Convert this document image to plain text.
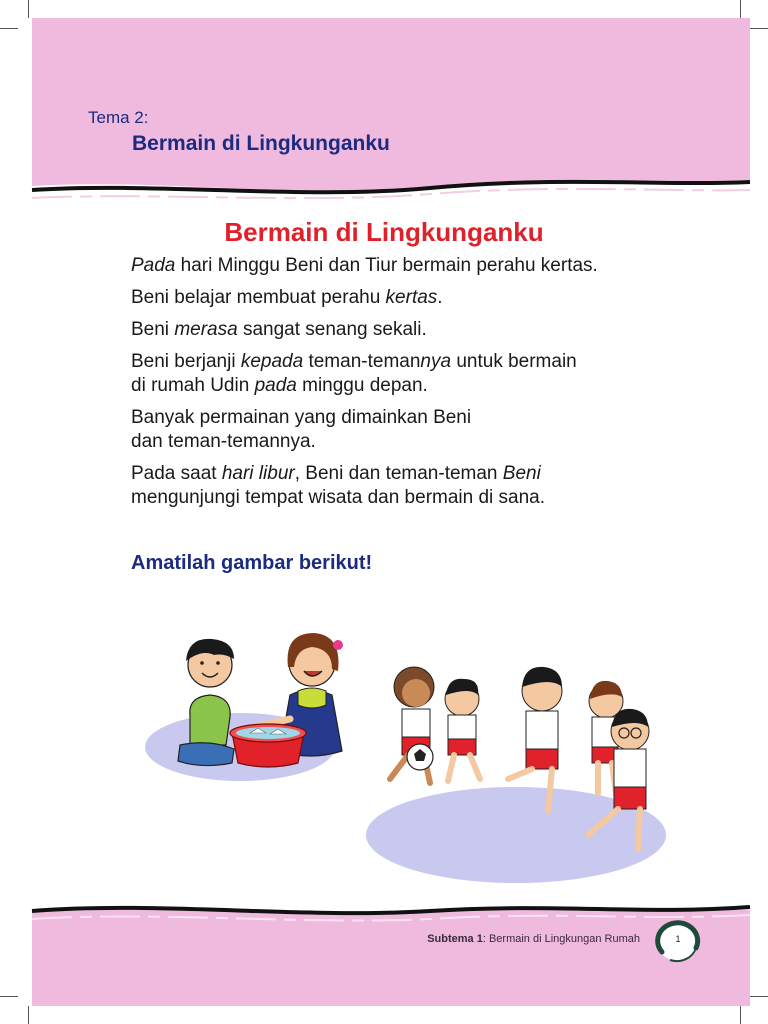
Tema 2:
Bermain di Lingkunganku
Bermain di Lingkunganku

Pada hari Minggu Beni dan Tiur bermain perahu kertas.

Beni belajar membuat perahu kertas.

Beni merasa sangat senang sekali.

Beni berjanji kepada teman-temannya untuk bermain
di rumah Udin pada minggu depan.

Banyak permainan yang dimainkan Beni
dan teman-temannya.

Pada saat hari libur, Beni dan teman-teman Beni
mengunjungi tempat wisata dan bermain di sana.

Amatilah gambar berikut!
Subtema 1: Bermain di Lingkungan Rumah	1
